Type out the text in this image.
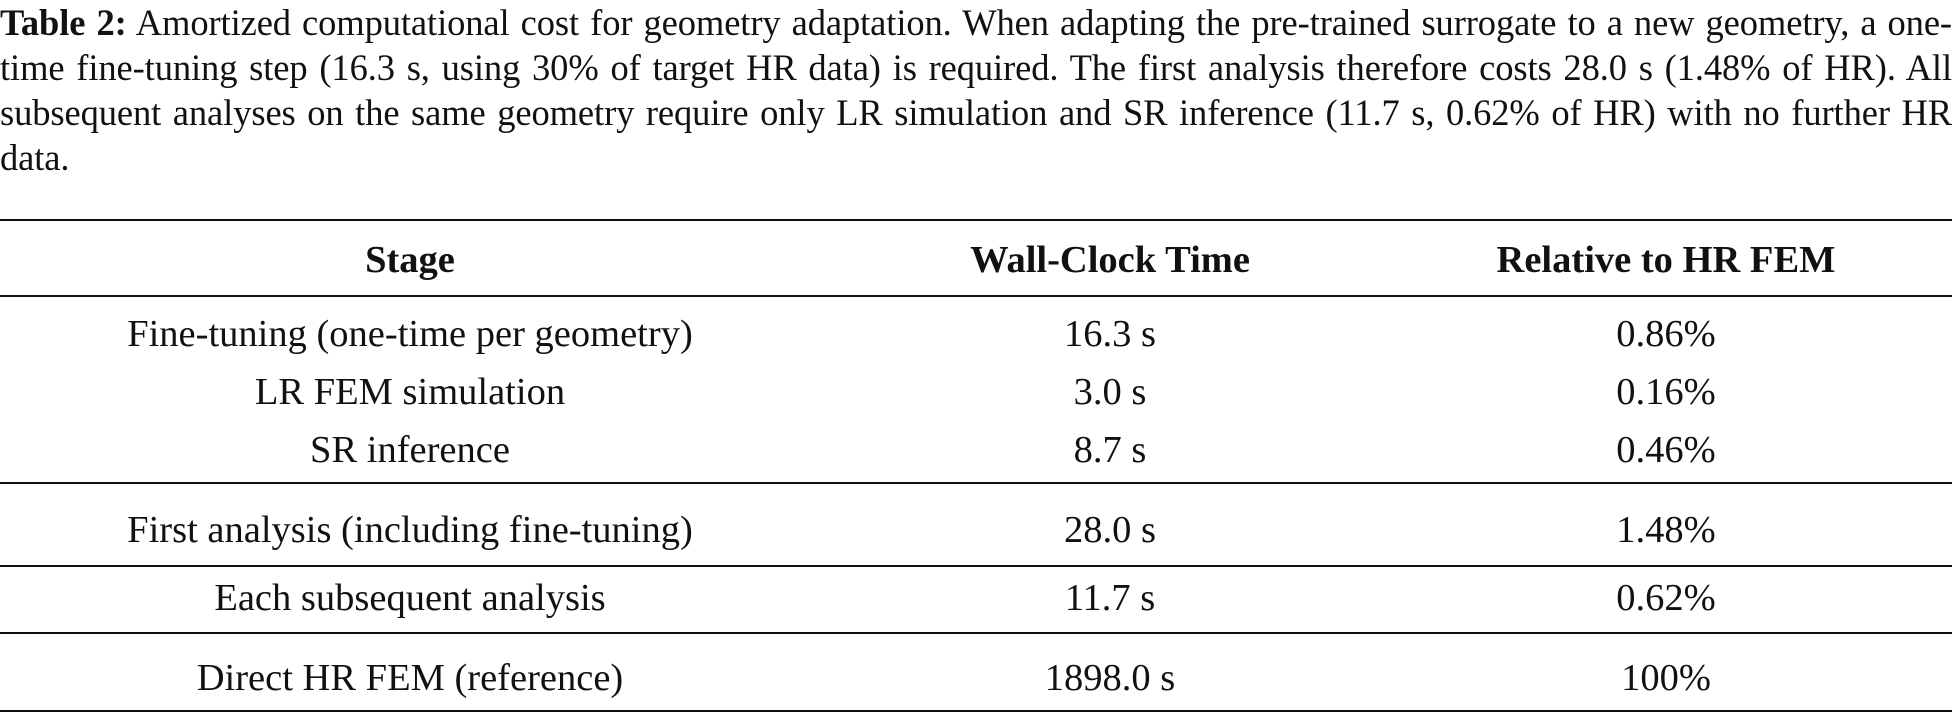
Table 2: Amortized computational cost for geometry adaptation. When adapting the pre-trained surrogate to a new geometry, a one-time fine-tuning step (16.3 s, using 30% of target HR data) is required. The first analysis therefore costs 28.0 s (1.48% of HR). All subsequent analyses on the same geometry require only LR simulation and SR inference (11.7 s, 0.62% of HR) with no further HR data.

Stage	Wall-Clock Time	Relative to HR FEM
Fine-tuning (one-time per geometry)	16.3 s	0.86%
LR FEM simulation	3.0 s	0.16%
SR inference	8.7 s	0.46%
First analysis (including fine-tuning)	28.0 s	1.48%
Each subsequent analysis	11.7 s	0.62%
Direct HR FEM (reference)	1898.0 s	100%
